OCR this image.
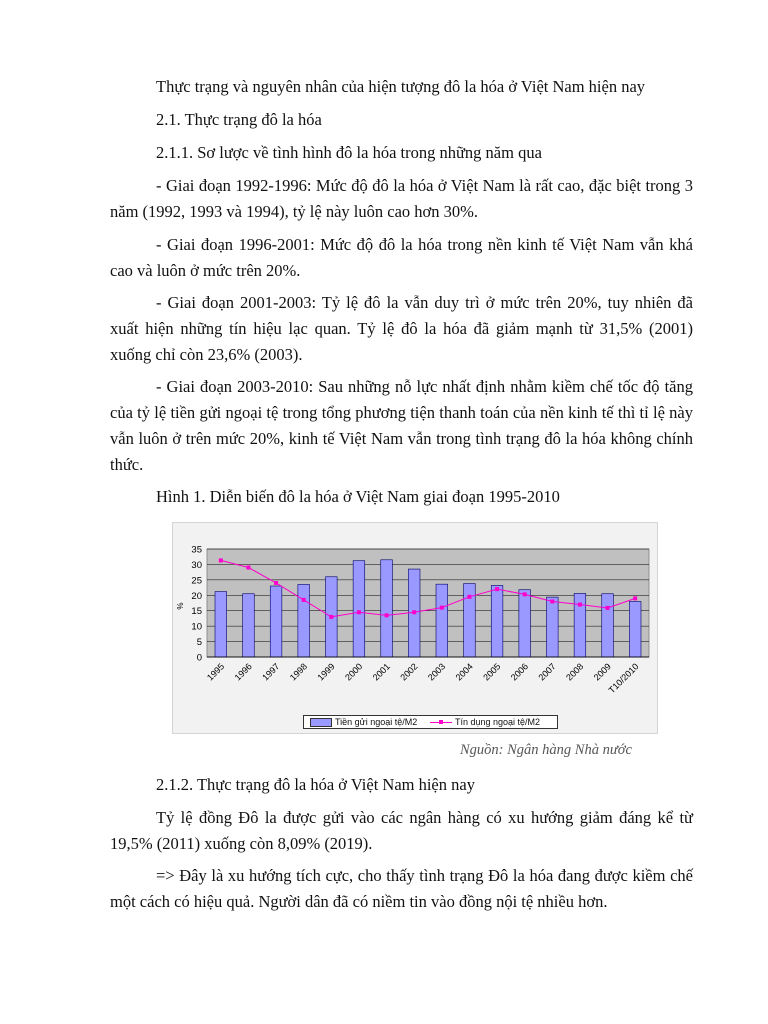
Thực trạng và nguyên nhân của hiện tượng đô la hóa ở Việt Nam hiện nay

2.1. Thực trạng đô la hóa

2.1.1. Sơ lược về tình hình đô la hóa trong những năm qua

- Giai đoạn 1992-1996: Mức độ đô la hóa ở Việt Nam là rất cao, đặc biệt trong 3 năm (1992, 1993 và 1994), tỷ lệ này luôn cao hơn 30%.

- Giai đoạn 1996-2001: Mức độ đô la hóa trong nền kinh tế Việt Nam vẫn khá cao và luôn ở mức trên 20%.

- Giai đoạn 2001-2003: Tỷ lệ đô la vẫn duy trì ở mức trên 20%, tuy nhiên đã xuất hiện những tín hiệu lạc quan. Tỷ lệ đô la hóa đã giảm mạnh từ 31,5% (2001) xuống chỉ còn 23,6% (2003).

- Giai đoạn 2003-2010: Sau những nỗ lực nhất định nhằm kiềm chế tốc độ tăng của tỷ lệ tiền gửi ngoại tệ trong tổng phương tiện thanh toán của nền kinh tế thì tỉ lệ này vẫn luôn ở trên mức 20%, kinh tế Việt Nam vẫn trong tình trạng đô la hóa không chính thức.

Hình 1. Diễn biến đô la hóa ở Việt Nam giai đoạn 1995-2010

0
5
10
15
20
25
30
35
%
1995 1996 1997 1998 1999 2000 2001 2002 2003 2004 2005 2006 2007 2008 2009
T10/2010
Tiền gửi ngoại tệ/M2	Tín dụng ngoại tệ/M2
Nguồn: Ngân hàng Nhà nước

2.1.2. Thực trạng đô la hóa ở Việt Nam hiện nay

Tỷ lệ đồng Đô la được gửi vào các ngân hàng có xu hướng giảm đáng kể từ 19,5% (2011) xuống còn 8,09% (2019).

=> Đây là xu hướng tích cực, cho thấy tình trạng Đô la hóa đang được kiềm chế một cách có hiệu quả. Người dân đã có niềm tin vào đồng nội tệ nhiều hơn.
